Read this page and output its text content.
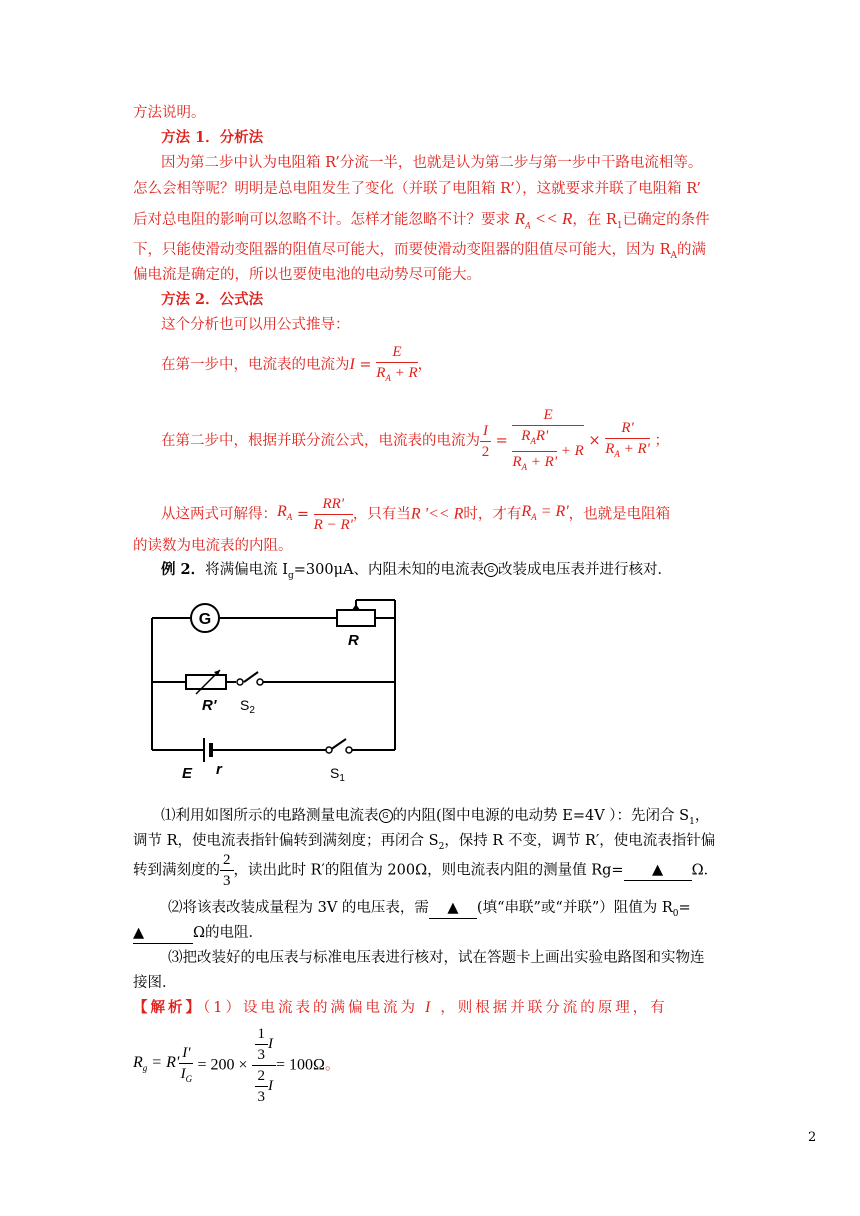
方法说明。
方法 1．分析法
因为第二步中认为电阻箱 R’分流一半，也就是认为第二步与第一步中干路电流相等。
怎么会相等呢？明明是总电阻发生了变化（并联了电阻箱 R’），这就要求并联了电阻箱 R’
后对总电阻的影响可以忽略不计。怎样才能忽略不计？要求 $R_A << R$，在 $R_1$已确定的条件
下，只能使滑动变阻器的阻值尽可能大，而要使滑动变阻器的阻值尽可能大，因为 $R_A$的满
偏电流是确定的，所以也要使电池的电动势尽可能大。
方法 2．公式法
这个分析也可以用公式推导：
在第一步中，电流表的电流为$I = \frac{E}{R_A + R}$ ，
在第二步中，根据并联分流公式，电流表的电流为 $\frac{I}{2} = \frac{E}{\frac{R_AR'}{R_A + R'} + R} \times \frac{R'}{R_A + R'}$ ；
从这两式可解得：$R_A = \frac{RR'}{R - R'}$ ，只有当R '<< R时，才有$R_A = R'$，也就是电阻箱
的读数为电流表的内阻。
例 2．将满偏电流 $I_g=300\mu A$、内阻未知的电流表 G 改装成电压表并进行核对．
G
R
R' $S_2$
E r	$S_1$
⑴利用如图所示的电路测量电流表 G 的内阻(图中电源的电动势 E=4V ）：先闭合 $S_1$，
调节 R，使电流表指针偏转到满刻度；再闭合 $S_2$，保持 R 不变，调节 R′，使电流表指针偏
转到满刻度的 $\frac{2}{3}$ ，读出此时 R′的阻值为 200Ω，则电流表内阻的测量值 Rg= ▲ Ω．
⑵将该表改装成量程为 3V 的电压表，需 ▲ (填“串联”或“并联”）阻值为 $R_0=$
▲	Ω的电阻．
⑶把改装好的电压表与标准电压表进行核对，试在答题卡上画出实验电路图和实物连
接图．
【解析】（1）设电流表的满偏电流为 I ，则根据并联分流的原理，有
$R_g = R' \frac{I'}{I_G} = 200 \times \frac{\frac{1}{3} I}{\frac{2}{3} I} = 100\Omega$。
2
